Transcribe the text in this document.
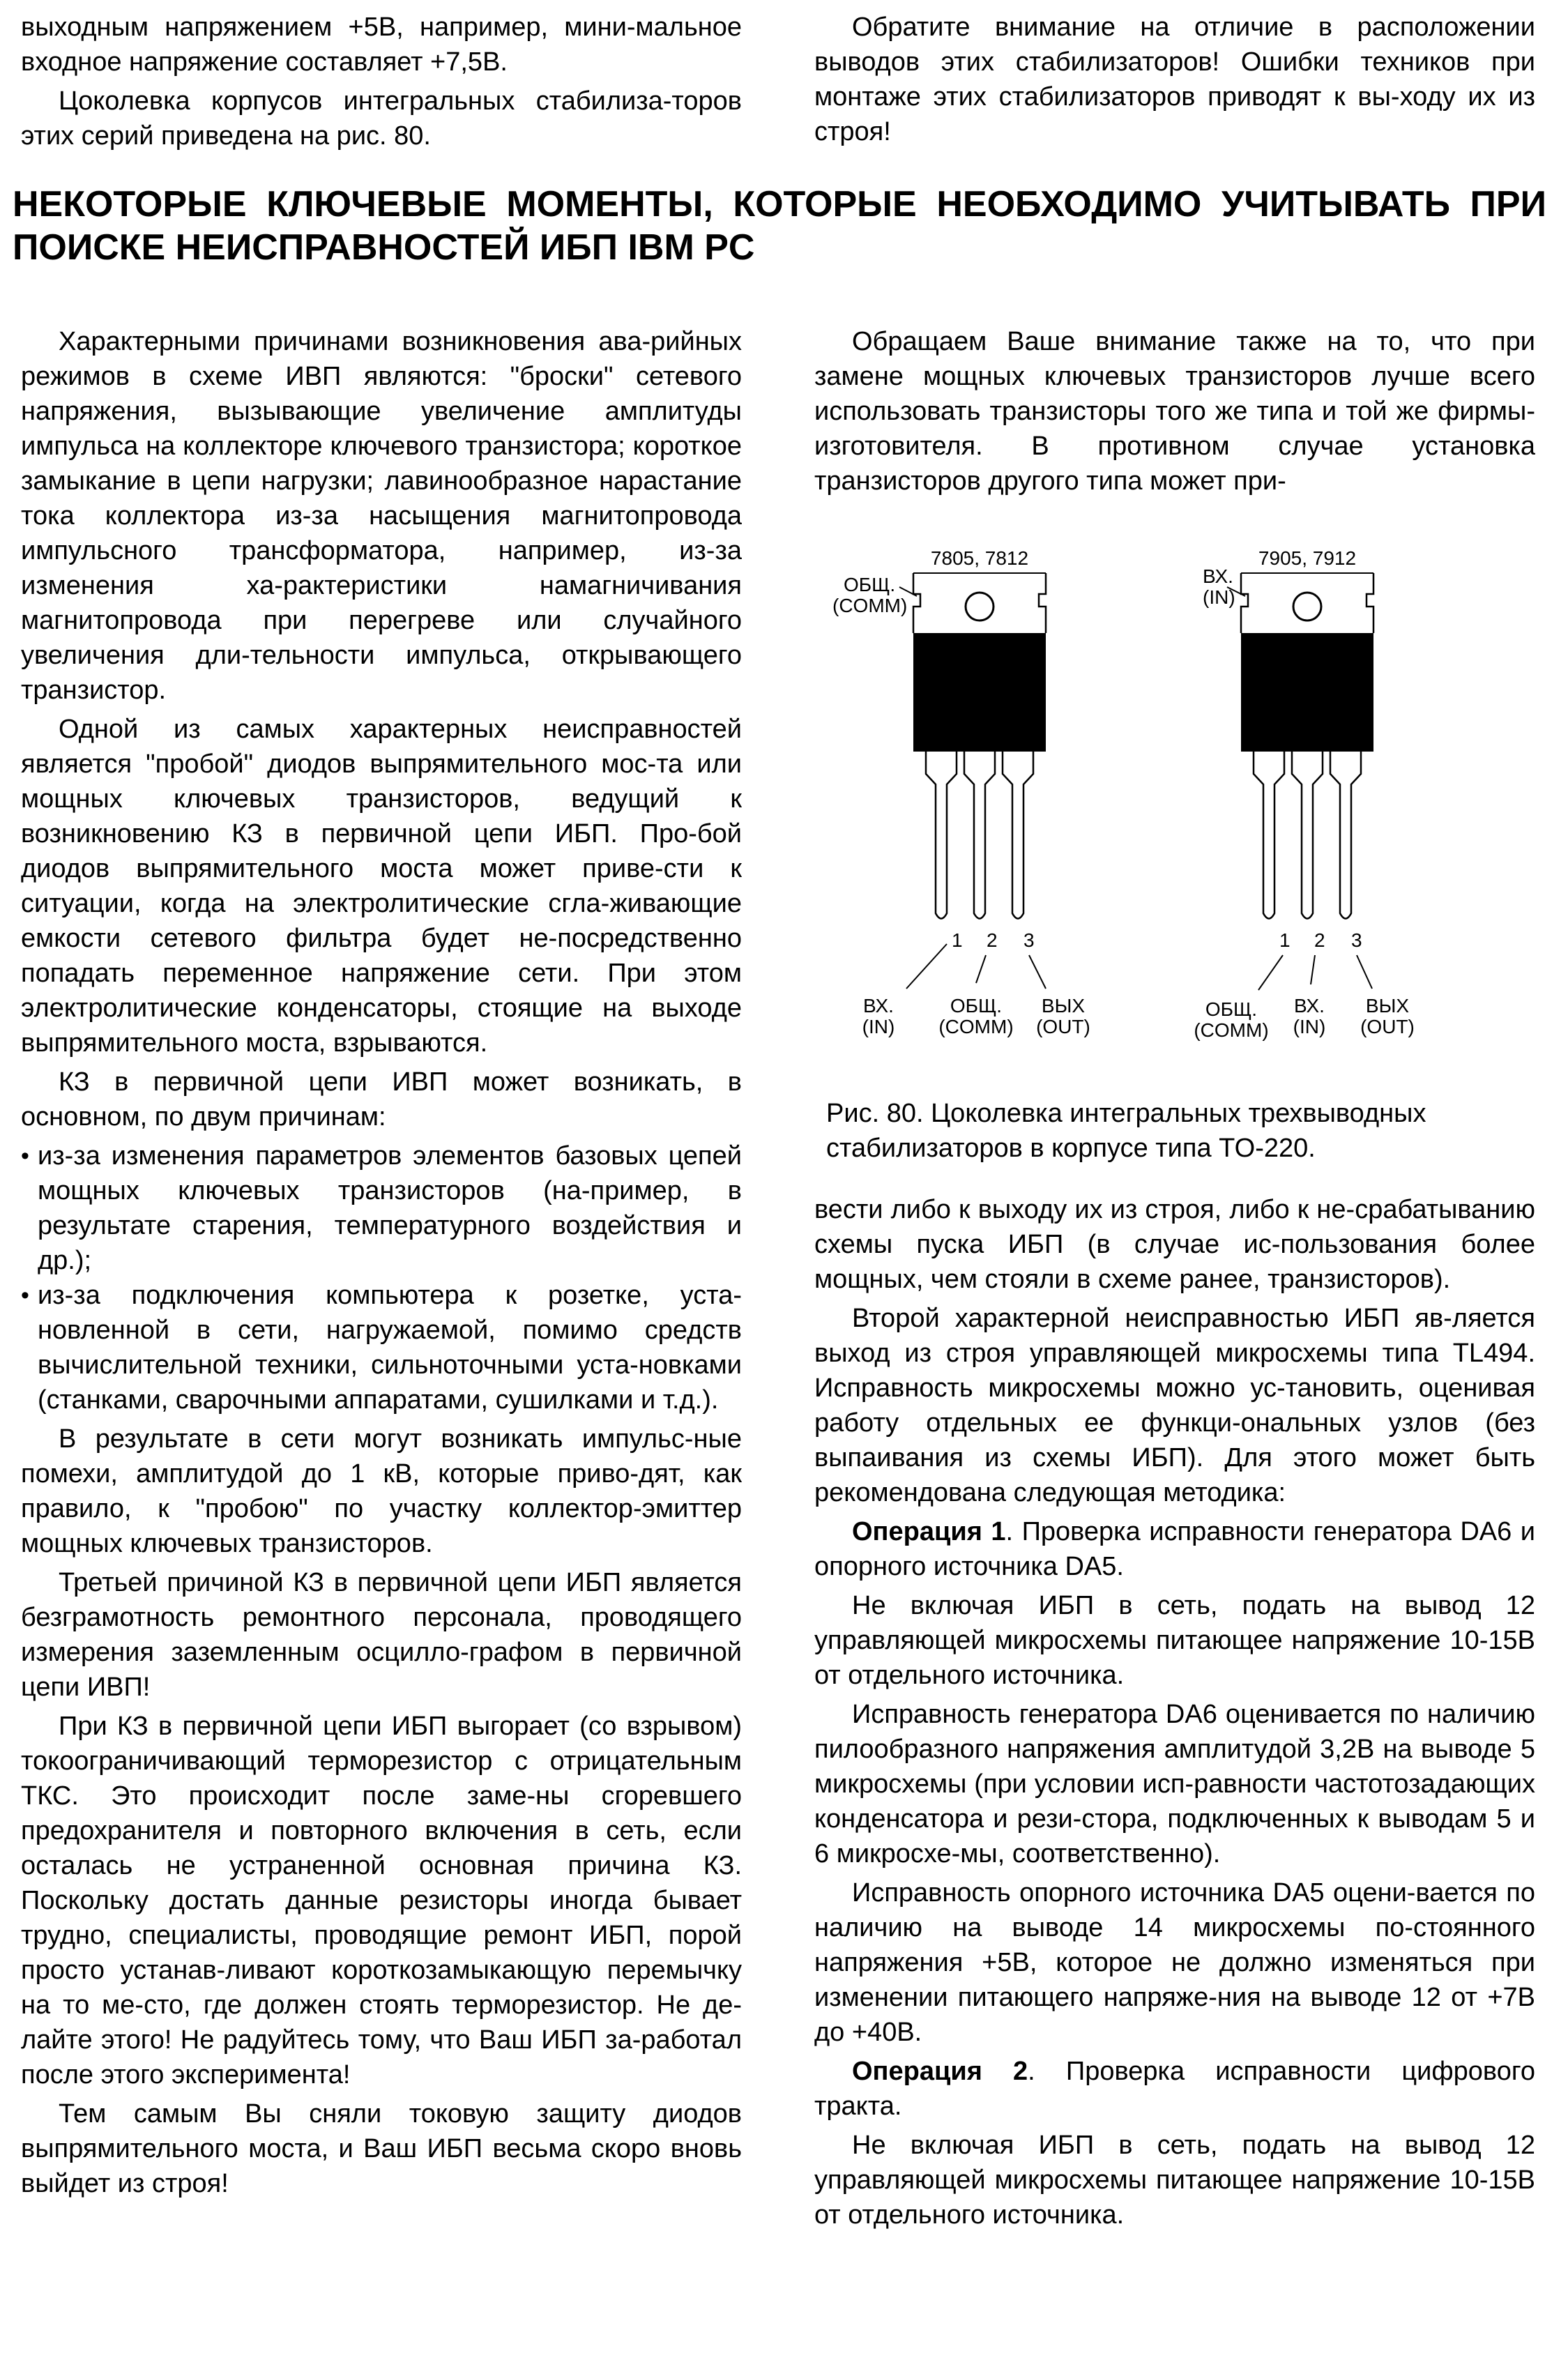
выходным напряжением +5В, например, мини-мальное входное напряжение составляет +7,5В.

Цоколевка корпусов интегральных стабилиза-торов этих серий приведена на рис. 80.

Обратите внимание на отличие в расположении выводов этих стабилизаторов! Ошибки техников при монтаже этих стабилизаторов приводят к вы-ходу их из строя!

НЕКОТОРЫЕ КЛЮЧЕВЫЕ МОМЕНТЫ, КОТОРЫЕ НЕОБХОДИМО УЧИТЫВАТЬ ПРИ ПОИСКЕ НЕИСПРАВНОСТЕЙ ИБП IBM PC

Характерными причинами возникновения ава-рийных режимов в схеме ИВП являются: "броски" сетевого напряжения, вызывающие увеличение амплитуды импульса на коллекторе ключевого транзистора; короткое замыкание в цепи нагрузки; лавинообразное нарастание тока коллектора из-за насыщения магнитопровода импульсного трансформатора, например, из-за изменения ха-рактеристики намагничивания магнитопровода при перегреве или случайного увеличения дли-тельности импульса, открывающего транзистор.

Одной из самых характерных неисправностей является "пробой" диодов выпрямительного мос-та или мощных ключевых транзисторов, ведущий к возникновению КЗ в первичной цепи ИБП. Про-бой диодов выпрямительного моста может приве-сти к ситуации, когда на электролитические сгла-живающие емкости сетевого фильтра будет не-посредственно попадать переменное напряжение сети. При этом электролитические конденсаторы, стоящие на выходе выпрямительного моста, взрываются.

КЗ в первичной цепи ИВП может возникать, в основном, по двум причинам:

• из-за изменения параметров элементов базовых цепей мощных ключевых транзисторов (на-пример, в результате старения, температурного воздействия и др.);
• из-за подключения компьютера к розетке, уста-новленной в сети, нагружаемой, помимо средств вычислительной техники, сильноточными уста-новками (станками, сварочными аппаратами, сушилками и т.д.).

В результате в сети могут возникать импульс-ные помехи, амплитудой до 1 кВ, которые приво-дят, как правило, к "пробою" по участку коллектор-эмиттер мощных ключевых транзисторов.

Третьей причиной КЗ в первичной цепи ИБП является безграмотность ремонтного персонала, проводящего измерения заземленным осцилло-графом в первичной цепи ИВП!

При КЗ в первичной цепи ИБП выгорает (со взрывом) токоограничивающий терморезистор с отрицательным ТКС. Это происходит после заме-ны сгоревшего предохранителя и повторного включения в сеть, если осталась не устраненной основная причина КЗ. Поскольку достать данные резисторы иногда бывает трудно, специалисты, проводящие ремонт ИБП, порой просто устанав-ливают короткозамыкающую перемычку на то ме-сто, где должен стоять терморезистор. Не де-лайте этого! Не радуйтесь тому, что Ваш ИБП за-работал после этого эксперимента!

Тем самым Вы сняли токовую защиту диодов выпрямительного моста, и Ваш ИБП весьма скоро вновь выйдет из строя!

Обращаем Ваше внимание также на то, что при замене мощных ключевых транзисторов лучше всего использовать транзисторы того же типа и той же фирмы-изготовителя. В противном случае установка транзисторов другого типа может при-

7805, 7812
ОБЩ.
(COMM)
1 2 3
ВХ.
(IN)
ОБЩ.
(COMM)
ВЫХ
(OUT)
7905, 7912
ВХ.
(IN)
1 2 3
ОБЩ.
(COMM)
ВХ.
(IN)
ВЫХ
(OUT)

Рис. 80. Цоколевка интегральных трехвыводных стабилизаторов в корпусе типа TO-220.

вести либо к выходу их из строя, либо к не-срабатыванию схемы пуска ИБП (в случае ис-пользования более мощных, чем стояли в схеме ранее, транзисторов).

Второй характерной неисправностью ИБП яв-ляется выход из строя управляющей микросхемы типа TL494. Исправность микросхемы можно ус-тановить, оценивая работу отдельных ее функци-ональных узлов (без выпаивания из схемы ИБП). Для этого может быть рекомендована следующая методика:

Операция 1. Проверка исправности генератора DA6 и опорного источника DA5.

Не включая ИБП в сеть, подать на вывод 12 управляющей микросхемы питающее напряжение 10-15В от отдельного источника.

Исправность генератора DA6 оценивается по наличию пилообразного напряжения амплитудой 3,2В на выводе 5 микросхемы (при условии исп-равности частотозадающих конденсатора и рези-стора, подключенных к выводам 5 и 6 микросхе-мы, соответственно).

Исправность опорного источника DA5 оцени-вается по наличию на выводе 14 микросхемы по-стоянного напряжения +5В, которое не должно изменяться при изменении питающего напряже-ния на выводе 12 от +7В до +40В.

Операция 2. Проверка исправности цифрового тракта.

Не включая ИБП в сеть, подать на вывод 12 управляющей микросхемы питающее напряжение 10-15В от отдельного источника.
